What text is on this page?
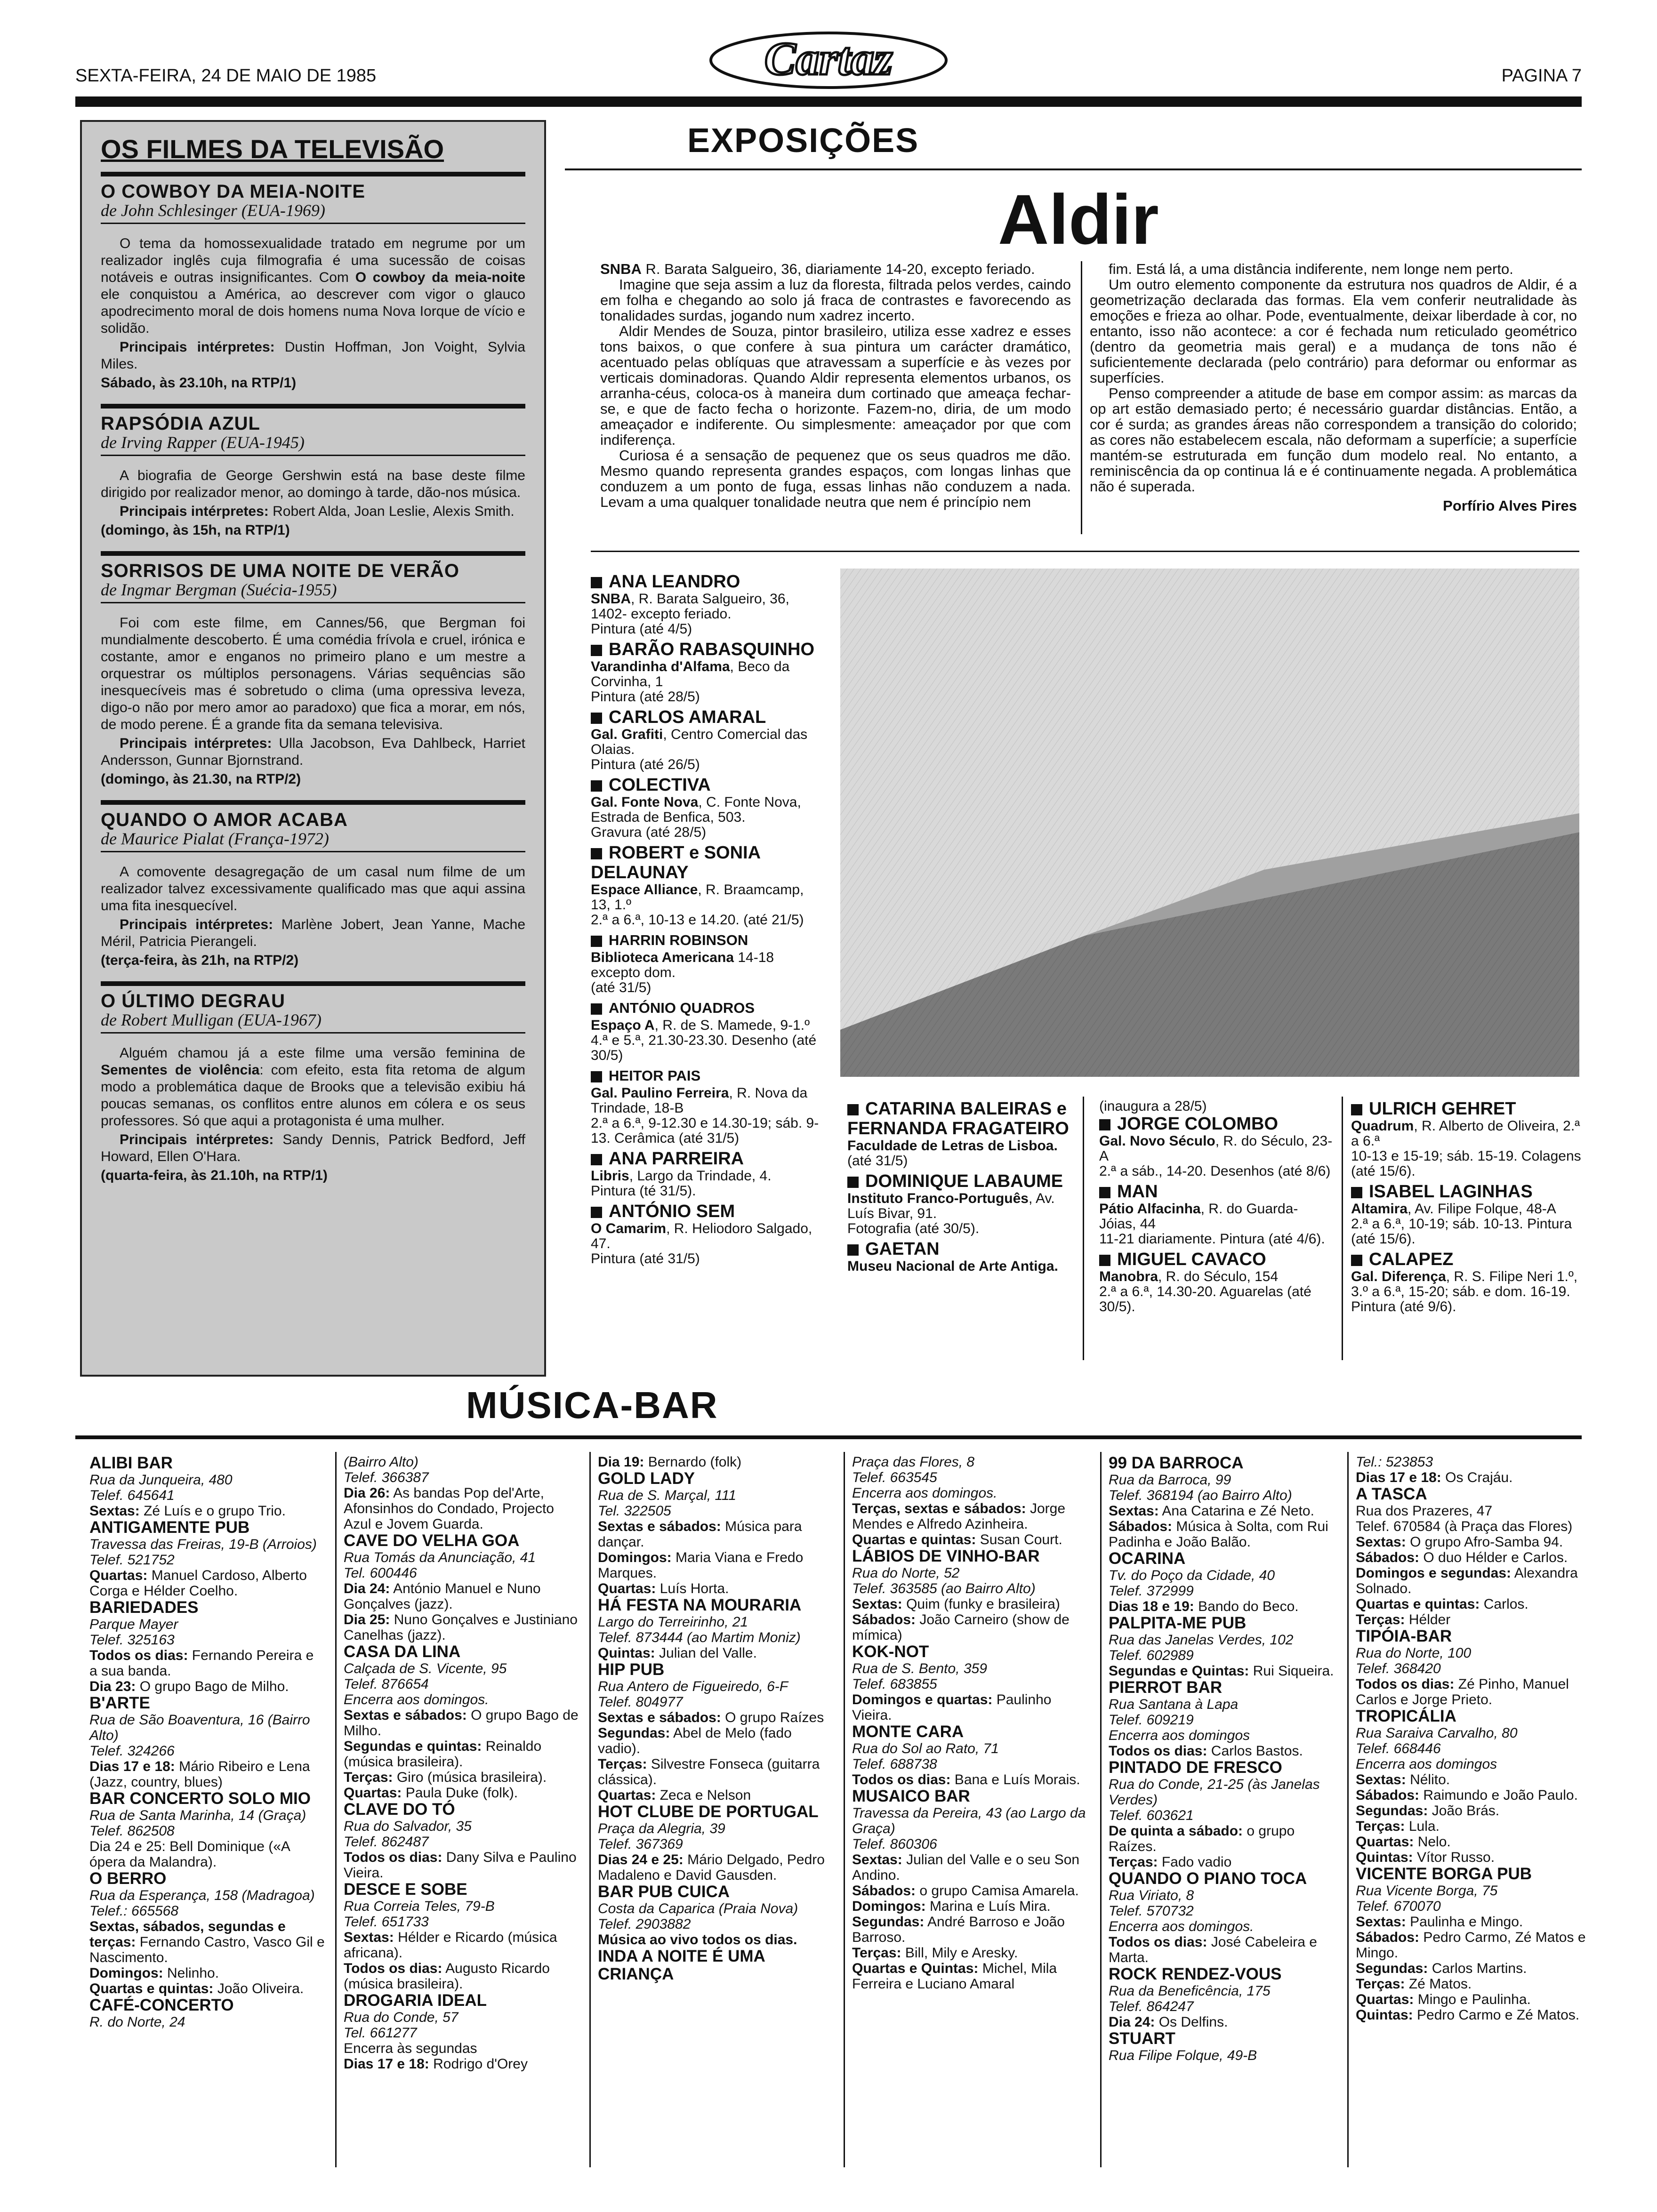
SEXTA-FEIRA, 24 DE MAIO DE 1985	Cartaz	PAGINA 7
OS FILMES DA TELEVISÃO
O COWBOY DA MEIA-NOITE
de John Schlesinger (EUA-1969)

O tema da homossexualidade tratado em negrume por um realizador inglês cuja filmografia é uma sucessão de coisas notáveis e outras insignificantes. Com O cowboy da meia-noite ele conquistou a América, ao descrever com vigor o glauco apodrecimento moral de dois homens numa Nova Iorque de vício e solidão.

Principais intérpretes: Dustin Hoffman, Jon Voight, Sylvia Miles.

Sábado, às 23.10h, na RTP/1)

RAPSÓDIA AZUL
de Irving Rapper (EUA-1945)

A biografia de George Gershwin está na base deste filme dirigido por realizador menor, ao domingo à tarde, dão-nos música.

Principais intérpretes: Robert Alda, Joan Leslie, Alexis Smith.

(domingo, às 15h, na RTP/1)

SORRISOS DE UMA NOITE DE VERÃO
de Ingmar Bergman (Suécia-1955)

Foi com este filme, em Cannes/56, que Bergman foi mundialmente descoberto. É uma comédia frívola e cruel, irónica e costante, amor e enganos no primeiro plano e um mestre a orquestrar os múltiplos personagens. Várias sequências são inesquecíveis mas é sobretudo o clima (uma opressiva leveza, digo-o não por mero amor ao paradoxo) que fica a morar, em nós, de modo perene. É a grande fita da semana televisiva.

Principais intérpretes: Ulla Jacobson, Eva Dahlbeck, Harriet Andersson, Gunnar Bjornstrand.

(domingo, às 21.30, na RTP/2)

QUANDO O AMOR ACABA
de Maurice Pialat (França-1972)

A comovente desagregação de um casal num filme de um realizador talvez excessivamente qualificado mas que aqui assina uma fita inesquecível.

Principais intérpretes: Marlène Jobert, Jean Yanne, Mache Méril, Patricia Pierangeli.

(terça-feira, às 21h, na RTP/2)

O ÚLTIMO DEGRAU
de Robert Mulligan (EUA-1967)

Alguém chamou já a este filme uma versão feminina de Sementes de violência: com efeito, esta fita retoma de algum modo a problemática daque de Brooks que a televisão exibiu há poucas semanas, os conflitos entre alunos em cólera e os seus professores. Só que aqui a protagonista é uma mulher.

Principais intérpretes: Sandy Dennis, Patrick Bedford, Jeff Howard, Ellen O'Hara.

(quarta-feira, às 21.10h, na RTP/1)

EXPOSIÇÕES
Aldir

SNBA R. Barata Salgueiro, 36, diariamente 14-20, excepto feriado.

Imagine que seja assim a luz da floresta, filtrada pelos verdes, caindo em folha e chegando ao solo já fraca de contrastes e favorecendo as tonalidades surdas, jogando num xadrez incerto.

Aldir Mendes de Souza, pintor brasileiro, utiliza esse xadrez e esses tons baixos, o que confere à sua pintura um carácter dramático, acentuado pelas oblíquas que atravessam a superfície e às vezes por verticais dominadoras. Quando Aldir representa elementos urbanos, os arranha-céus, coloca-os à maneira dum cortinado que ameaça fechar-se, e que de facto fecha o horizonte. Fazem-no, diria, de um modo ameaçador e indiferente. Ou simplesmente: ameaçador por que com indiferença.

Curiosa é a sensação de pequenez que os seus quadros me dão. Mesmo quando representa grandes espaços, com longas linhas que conduzem a um ponto de fuga, essas linhas não conduzem a nada. Levam a uma qualquer tonalidade neutra que nem é princípio nem

fim. Está lá, a uma distância indiferente, nem longe nem perto.

Um outro elemento componente da estrutura nos quadros de Aldir, é a geometrização declarada das formas. Ela vem conferir neutralidade às emoções e frieza ao olhar. Pode, eventualmente, deixar liberdade à cor, no entanto, isso não acontece: a cor é fechada num reticulado geométrico (dentro da geometria mais geral) e a mudança de tons não é suficientemente declarada (pelo contrário) para deformar ou enformar as superfícies.

Penso compreender a atitude de base em compor assim: as marcas da op art estão demasiado perto; é necessário guardar distâncias. Então, a cor é surda; as grandes áreas não correspondem a transição do colorido; as cores não estabelecem escala, não deformam a superfície; a superfície mantém-se estruturada em função dum modelo real. No entanto, a reminiscência da op continua lá e é continuamente negada. A problemática não é superada.

Porfírio Alves Pires
ANA LEANDRO
SNBA, R. Barata Salgueiro, 36, 1402- excepto feriado.
Pintura (até 4/5)
BARÃO RABASQUINHO
Varandinha d'Alfama, Beco da Corvinha, 1
Pintura (até 28/5)
CARLOS AMARAL
Gal. Grafiti, Centro Comercial das Olaias.
Pintura (até 26/5)
COLECTIVA
Gal. Fonte Nova, C. Fonte Nova, Estrada de Benfica, 503.
Gravura (até 28/5)
ROBERT e SONIA DELAUNAY
Espace Alliance, R. Braamcamp, 13, 1.º
2.ª a 6.ª, 10-13 e 14.20. (até 21/5)
HARRIN ROBINSON
Biblioteca Americana 14-18 excepto dom.
(até 31/5)
ANTÓNIO QUADROS
Espaço A, R. de S. Mamede, 9-1.º
4.ª e 5.ª, 21.30-23.30. Desenho (até 30/5)
HEITOR PAIS
Gal. Paulino Ferreira, R. Nova da Trindade, 18-B
2.ª a 6.ª, 9-12.30 e 14.30-19; sáb. 9-13. Cerâmica (até 31/5)
ANA PARREIRA
Libris, Largo da Trindade, 4.
Pintura (té 31/5).
ANTÓNIO SEM
O Camarim, R. Heliodoro Salgado, 47.
Pintura (até 31/5)
CATARINA BALEIRAS e FERNANDA FRAGATEIRO
Faculdade de Letras de Lisboa.
(até 31/5)
DOMINIQUE LABAUME
Instituto Franco-Português, Av. Luís Bivar, 91.
Fotografia (até 30/5).
GAETAN
Museu Nacional de Arte Antiga.
(inaugura a 28/5)
JORGE COLOMBO
Gal. Novo Século, R. do Século, 23-A
2.ª a sáb., 14-20. Desenhos (até 8/6)
MAN
Pátio Alfacinha, R. do Guarda-Jóias, 44
11-21 diariamente. Pintura (até 4/6).
MIGUEL CAVACO
Manobra, R. do Século, 154
2.ª a 6.ª, 14.30-20. Aguarelas (até 30/5).
ULRICH GEHRET
Quadrum, R. Alberto de Oliveira, 2.ª a 6.ª
10-13 e 15-19; sáb. 15-19. Colagens (até 15/6).
ISABEL LAGINHAS
Altamira, Av. Filipe Folque, 48-A
2.ª a 6.ª, 10-19; sáb. 10-13. Pintura (até 15/6).
CALAPEZ
Gal. Diferença, R. S. Filipe Neri 1.º, 3.º a 6.ª, 15-20; sáb. e dom. 16-19.
Pintura (até 9/6).
MÚSICA-BAR
ALIBI BAR
Rua da Junqueira, 480
Telef. 645641
Sextas: Zé Luís e o grupo Trio.
ANTIGAMENTE PUB
Travessa das Freiras, 19-B (Arroios)
Telef. 521752
Quartas: Manuel Cardoso, Alberto Corga e Hélder Coelho.
BARIEDADES
Parque Mayer
Telef. 325163
Todos os dias: Fernando Pereira e a sua banda.
Dia 23: O grupo Bago de Milho.
B'ARTE
Rua de São Boaventura, 16 (Bairro Alto)
Telef. 324266
Dias 17 e 18: Mário Ribeiro e Lena (Jazz, country, blues)
BAR CONCERTO SOLO MIO
Rua de Santa Marinha, 14 (Graça)
Telef. 862508
Dia 24 e 25: Bell Dominique («A ópera da Malandra).
O BERRO
Rua da Esperança, 158 (Madragoa)
Telef.: 665568
Sextas, sábados, segundas e terças: Fernando Castro, Vasco Gil e Nascimento.
Domingos: Nelinho.
Quartas e quintas: João Oliveira.
CAFÉ-CONCERTO
R. do Norte, 24
(Bairro Alto)
Telef. 366387
Dia 26: As bandas Pop del'Arte, Afonsinhos do Condado, Projecto Azul e Jovem Guarda.
CAVE DO VELHA GOA
Rua Tomás da Anunciação, 41
Tel. 600446
Dia 24: António Manuel e Nuno Gonçalves (jazz).
Dia 25: Nuno Gonçalves e Justiniano Canelhas (jazz).
CASA DA LINA
Calçada de S. Vicente, 95
Telef. 876654
Encerra aos domingos.
Sextas e sábados: O grupo Bago de Milho.
Segundas e quintas: Reinaldo (música brasileira).
Terças: Giro (música brasileira).
Quartas: Paula Duke (folk).
CLAVE DO TÓ
Rua do Salvador, 35
Telef. 862487
Todos os dias: Dany Silva e Paulino Vieira.
DESCE E SOBE
Rua Correia Teles, 79-B
Telef. 651733
Sextas: Hélder e Ricardo (música africana).
Todos os dias: Augusto Ricardo (música brasileira).
DROGARIA IDEAL
Rua do Conde, 57
Tel. 661277
Encerra às segundas
Dias 17 e 18: Rodrigo d'Orey
Dia 19: Bernardo (folk)
GOLD LADY
Rua de S. Marçal, 111
Tel. 322505
Sextas e sábados: Música para dançar.
Domingos: Maria Viana e Fredo Marques.
Quartas: Luís Horta.
HÁ FESTA NA MOURARIA
Largo do Terreirinho, 21
Telef. 873444 (ao Martim Moniz)
Quintas: Julian del Valle.
HIP PUB
Rua Antero de Figueiredo, 6-F
Telef. 804977
Sextas e sábados: O grupo Raízes
Segundas: Abel de Melo (fado vadio).
Terças: Silvestre Fonseca (guitarra clássica).
Quartas: Zeca e Nelson
HOT CLUBE DE PORTUGAL
Praça da Alegria, 39
Telef. 367369
Dias 24 e 25: Mário Delgado, Pedro Madaleno e David Gausden.
BAR PUB CUICA
Costa da Caparica (Praia Nova)
Telef. 2903882
Música ao vivo todos os dias.
INDA A NOITE É UMA CRIANÇA
Praça das Flores, 8
Telef. 663545
Encerra aos domingos.
Terças, sextas e sábados: Jorge Mendes e Alfredo Azinheira.
Quartas e quintas: Susan Court.
LÁBIOS DE VINHO-BAR
Rua do Norte, 52
Telef. 363585 (ao Bairro Alto)
Sextas: Quim (funky e brasileira)
Sábados: João Carneiro (show de mímica)
KOK-NOT
Rua de S. Bento, 359
Telef. 683855
Domingos e quartas: Paulinho Vieira.
MONTE CARA
Rua do Sol ao Rato, 71
Telef. 688738
Todos os dias: Bana e Luís Morais.
MUSAICO BAR
Travessa da Pereira, 43 (ao Largo da Graça)
Telef. 860306
Sextas: Julian del Valle e o seu Son Andino.
Sábados: o grupo Camisa Amarela.
Domingos: Marina e Luís Mira.
Segundas: André Barroso e João Barroso.
Terças: Bill, Mily e Aresky.
Quartas e Quintas: Michel, Mila Ferreira e Luciano Amaral
99 DA BARROCA
Rua da Barroca, 99
Telef. 368194 (ao Bairro Alto)
Sextas: Ana Catarina e Zé Neto.
Sábados: Música à Solta, com Rui Padinha e João Balão.
OCARINA
Tv. do Poço da Cidade, 40
Telef. 372999
Dias 18 e 19: Bando do Beco.
PALPITA-ME PUB
Rua das Janelas Verdes, 102
Telef. 602989
Segundas e Quintas: Rui Siqueira.
PIERROT BAR
Rua Santana à Lapa
Telef. 609219
Encerra aos domingos
Todos os dias: Carlos Bastos.
PINTADO DE FRESCO
Rua do Conde, 21-25 (às Janelas Verdes)
Telef. 603621
De quinta a sábado: o grupo Raízes.
Terças: Fado vadio
QUANDO O PIANO TOCA
Rua Viriato, 8
Telef. 570732
Encerra aos domingos.
Todos os dias: José Cabeleira e Marta.
ROCK RENDEZ-VOUS
Rua da Beneficência, 175
Telef. 864247
Dia 24: Os Delfins.
STUART
Rua Filipe Folque, 49-B
Tel.: 523853
Dias 17 e 18: Os Crajáu.
A TASCA
Rua dos Prazeres, 47
Telef. 670584 (à Praça das Flores)
Sextas: O grupo Afro-Samba 94.
Sábados: O duo Hélder e Carlos.
Domingos e segundas: Alexandra Solnado.
Quartas e quintas: Carlos.
Terças: Hélder
TIPÓIA-BAR
Rua do Norte, 100
Telef. 368420
Todos os dias: Zé Pinho, Manuel Carlos e Jorge Prieto.
TROPICÁLIA
Rua Saraiva Carvalho, 80
Telef. 668446
Encerra aos domingos
Sextas: Nélito.
Sábados: Raimundo e João Paulo.
Segundas: João Brás.
Terças: Lula.
Quartas: Nelo.
Quintas: Vítor Russo.
VICENTE BORGA PUB
Rua Vicente Borga, 75
Telef. 670070
Sextas: Paulinha e Mingo.
Sábados: Pedro Carmo, Zé Matos e Mingo.
Segundas: Carlos Martins.
Terças: Zé Matos.
Quartas: Mingo e Paulinha.
Quintas: Pedro Carmo e Zé Matos.
